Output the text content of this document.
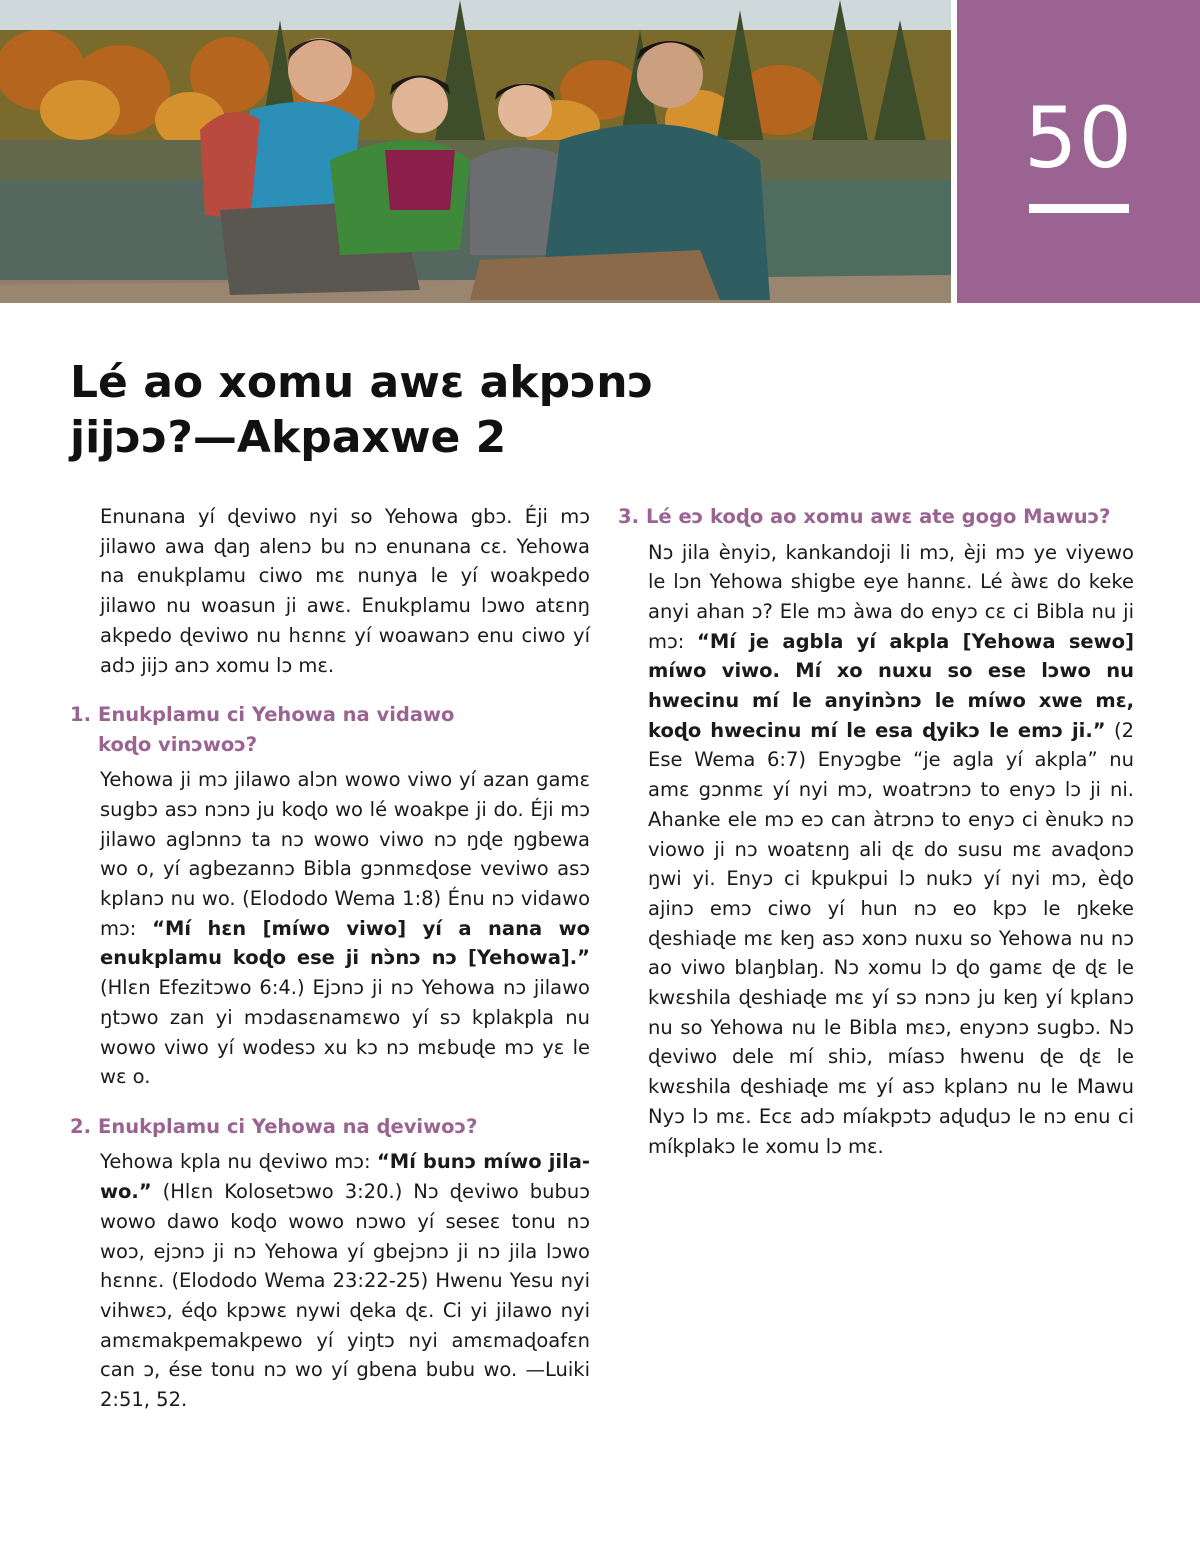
50
Lé ao xomu awɛ akpɔnɔ
jijɔɔ?—Akpaxwe 2

Enunana yí ɖeviwo nyi so Yehowa gbɔ. Éji mɔ jilawo awa ɖaŋ alenɔ bu nɔ enunana cɛ. Yehowa na enukplamu ciwo mɛ nunya le yí woakpedo jilawo nu woasun ji awɛ. Enukplamu lɔwo atɛnŋ akpedo ɖeviwo nu hɛnnɛ yí woawanɔ enu ciwo yí adɔ jijɔ anɔ xomu lɔ mɛ.

1. Enukplamu ci Yehowa na vidawo
koɖo vinɔwoɔ?

Yehowa ji mɔ jilawo alɔn wowo viwo yí azan gamɛ sugbɔ asɔ nɔnɔ ju koɖo wo lé woakpe ji do. Éji mɔ jilawo aglɔnnɔ ta nɔ wowo viwo nɔ ŋɖe ŋgbewa wo o, yí agbezannɔ Bibla gɔnmɛɖose veviwo asɔ kplanɔ nu wo. (Elododo Wema 1:8) Énu nɔ vidawo mɔ: “Mí hɛn [míwo viwo] yí a nana wo enukplamu koɖo ese ji nɔ̀nɔ nɔ [Yehowa].” (Hlɛn Efezitɔwo 6:4.) Ejɔnɔ ji nɔ Yehowa nɔ jilawo ŋtɔwo zan yi mɔdasɛnamɛwo yí sɔ kplakpla nu wowo viwo yí wodesɔ xu kɔ nɔ mɛbuɖe mɔ yɛ le wɛ o.

2. Enukplamu ci Yehowa na ɖeviwoɔ?

Yehowa kpla nu ɖeviwo mɔ: “Mí bunɔ míwo jilawo.” (Hlɛn Kolosetɔwo 3:20.) Nɔ ɖeviwo bubuɔ wowo dawo koɖo wowo nɔwo yí seseɛ tonu nɔ woɔ, ejɔnɔ ji nɔ Yehowa yí gbejɔnɔ ji nɔ jila lɔwo hɛnnɛ. (Elododo Wema 23:22-25) Hwenu Yesu nyi vihwɛɔ, éɖo kpɔwɛ nywi ɖeka ɖɛ. Ci yi jilawo nyi amɛmakpemakpewo yí yiŋtɔ nyi amɛmaɖoafɛn can ɔ, ése tonu nɔ wo yí gbena bubu wo. —Luiki 2:51, 52.

3. Lé eɔ koɖo ao xomu awɛ ate gogo Mawuɔ?

Nɔ jila ènyiɔ, kankandoji li mɔ, èji mɔ ye viyewo le lɔn Yehowa shigbe eye hannɛ. Lé àwɛ do keke anyi ahan ɔ? Ele mɔ àwa do enyɔ cɛ ci Bibla nu ji mɔ: “Mí je agbla yí akpla [Yehowa sewo] míwo viwo. Mí xo nuxu so ese lɔwo nu hwecinu mí le anyinɔ̀nɔ le míwo xwe mɛ, koɖo hwecinu mí le esa ɖyikɔ le emɔ ji.” (2 Ese Wema 6:7) Enyɔgbe “je agla yí akpla” nu amɛ gɔnmɛ yí nyi mɔ, woatrɔnɔ to enyɔ lɔ ji ni. Ahanke ele mɔ eɔ can àtrɔnɔ to enyɔ ci ènukɔ nɔ viowo ji nɔ woatɛnŋ ali ɖɛ do susu mɛ avaɖonɔ ŋwi yi. Enyɔ ci kpukpui lɔ nukɔ yí nyi mɔ, èɖo ajinɔ emɔ ciwo yí hun nɔ eo kpɔ le ŋkeke ɖeshiaɖe mɛ keŋ asɔ xonɔ nuxu so Yehowa nu nɔ ao viwo blaŋblaŋ. Nɔ xomu lɔ ɖo gamɛ ɖe ɖɛ le kwɛshila ɖeshiaɖe mɛ yí sɔ nɔnɔ ju keŋ yí kplanɔ nu so Yehowa nu le Bibla mɛɔ, enyɔnɔ sugbɔ. Nɔ ɖeviwo dele mí shiɔ, míasɔ hwenu ɖe ɖɛ le kwɛshila ɖeshiaɖe mɛ yí asɔ kplanɔ nu le Mawu Nyɔ lɔ mɛ. Ecɛ adɔ míakpɔtɔ aɖuɖuɔ le nɔ enu ci míkplakɔ le xomu lɔ mɛ.
